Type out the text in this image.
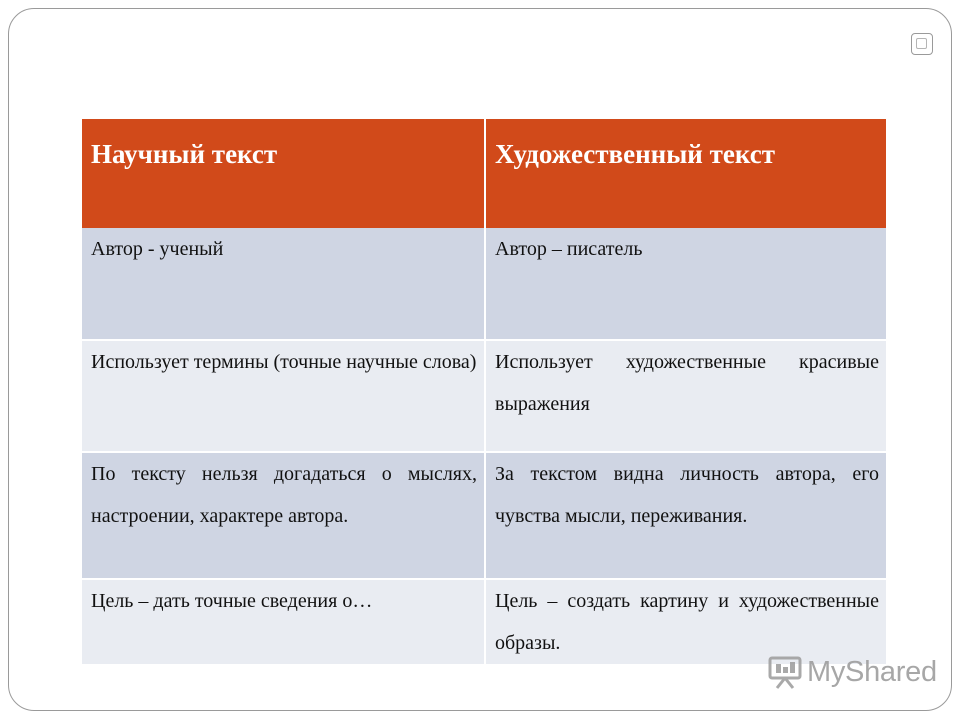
Научный текст	Художественный текст
Автор - ученый	Автор – писатель
Использует термины (точные научные слова)	Использует художественные красивые выражения
По тексту нельзя догадаться о мыслях, настроении, характере автора.	За текстом видна личность автора, его чувства мысли, переживания.
Цель – дать точные сведения о…	Цель – создать картину и художественные образы.
MyShared
